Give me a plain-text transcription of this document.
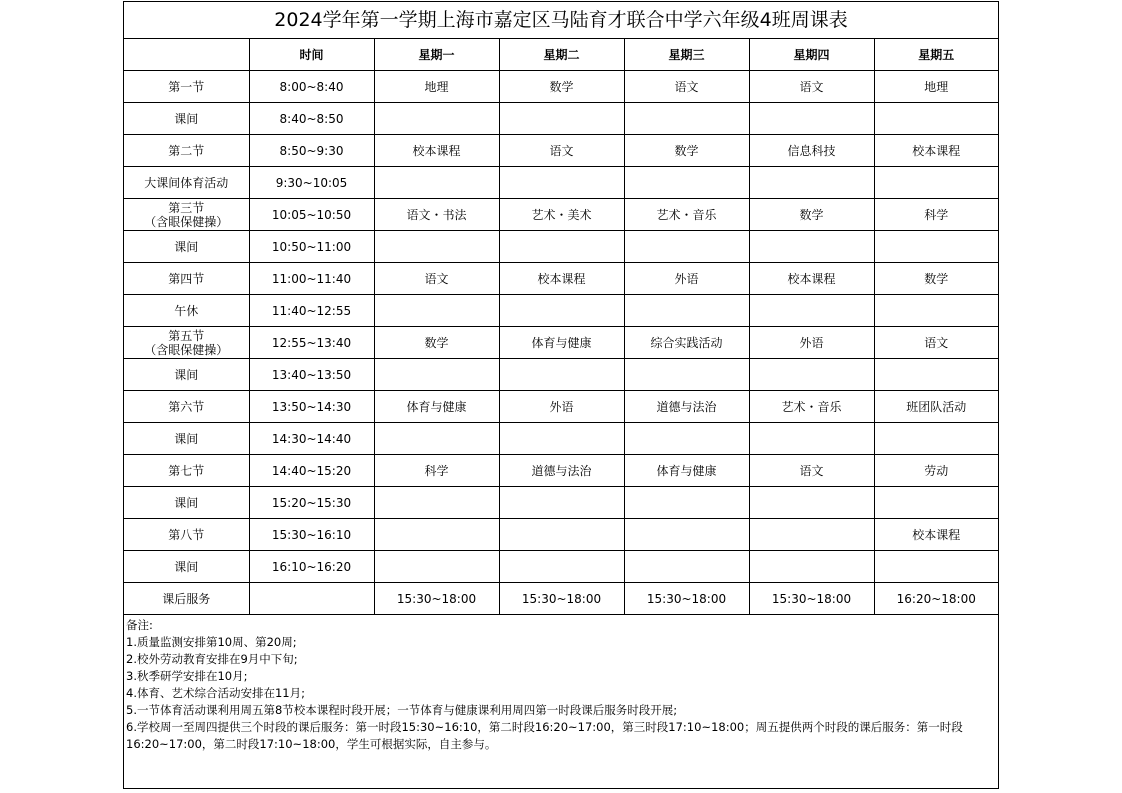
2024学年第一学期上海市嘉定区马陆育才联合中学六年级4班周课表
	时间	星期一	星期二	星期三	星期四	星期五

第一节	8:00~8:40	地理	数学	语文	语文	地理

课间	8:40~8:50					

第二节	8:50~9:30	校本课程	语文	数学	信息科技	校本课程

大课间体育活动	9:30~10:05					

第三节
（含眼保健操）	10:05~10:50	语文・书法	艺术・美术	艺术・音乐	数学	科学

课间	10:50~11:00					

第四节	11:00~11:40	语文	校本课程	外语	校本课程	数学

午休	11:40~12:55					

第五节
（含眼保健操）	12:55~13:40	数学	体育与健康	综合实践活动	外语	语文

课间	13:40~13:50					

第六节	13:50~14:30	体育与健康	外语	道德与法治	艺术・音乐	班团队活动

课间	14:30~14:40					

第七节	14:40~15:20	科学	道德与法治	体育与健康	语文	劳动

课间	15:20~15:30					

第八节	15:30~16:10					校本课程

课间	16:10~16:20					
课后服务		15:30~18:00	15:30~18:00	15:30~18:00	15:30~18:00	16:20~18:00
备注:
1.质量监测安排第10周、第20周;
2.校外劳动教育安排在9月中下旬;
3.秋季研学安排在10月;
4.体育、艺术综合活动安排在11月;
5.一节体育活动课利用周五第8节校本课程时段开展；一节体育与健康课利用周四第一时段课后服务时段开展;
6.学校周一至周四提供三个时段的课后服务：第一时段15:30~16:10，第二时段16:20~17:00，第三时段17:10~18:00；周五提供两个时段的课后服务：第一时段16:20~17:00，第二时段17:10~18:00，学生可根据实际，自主参与。
